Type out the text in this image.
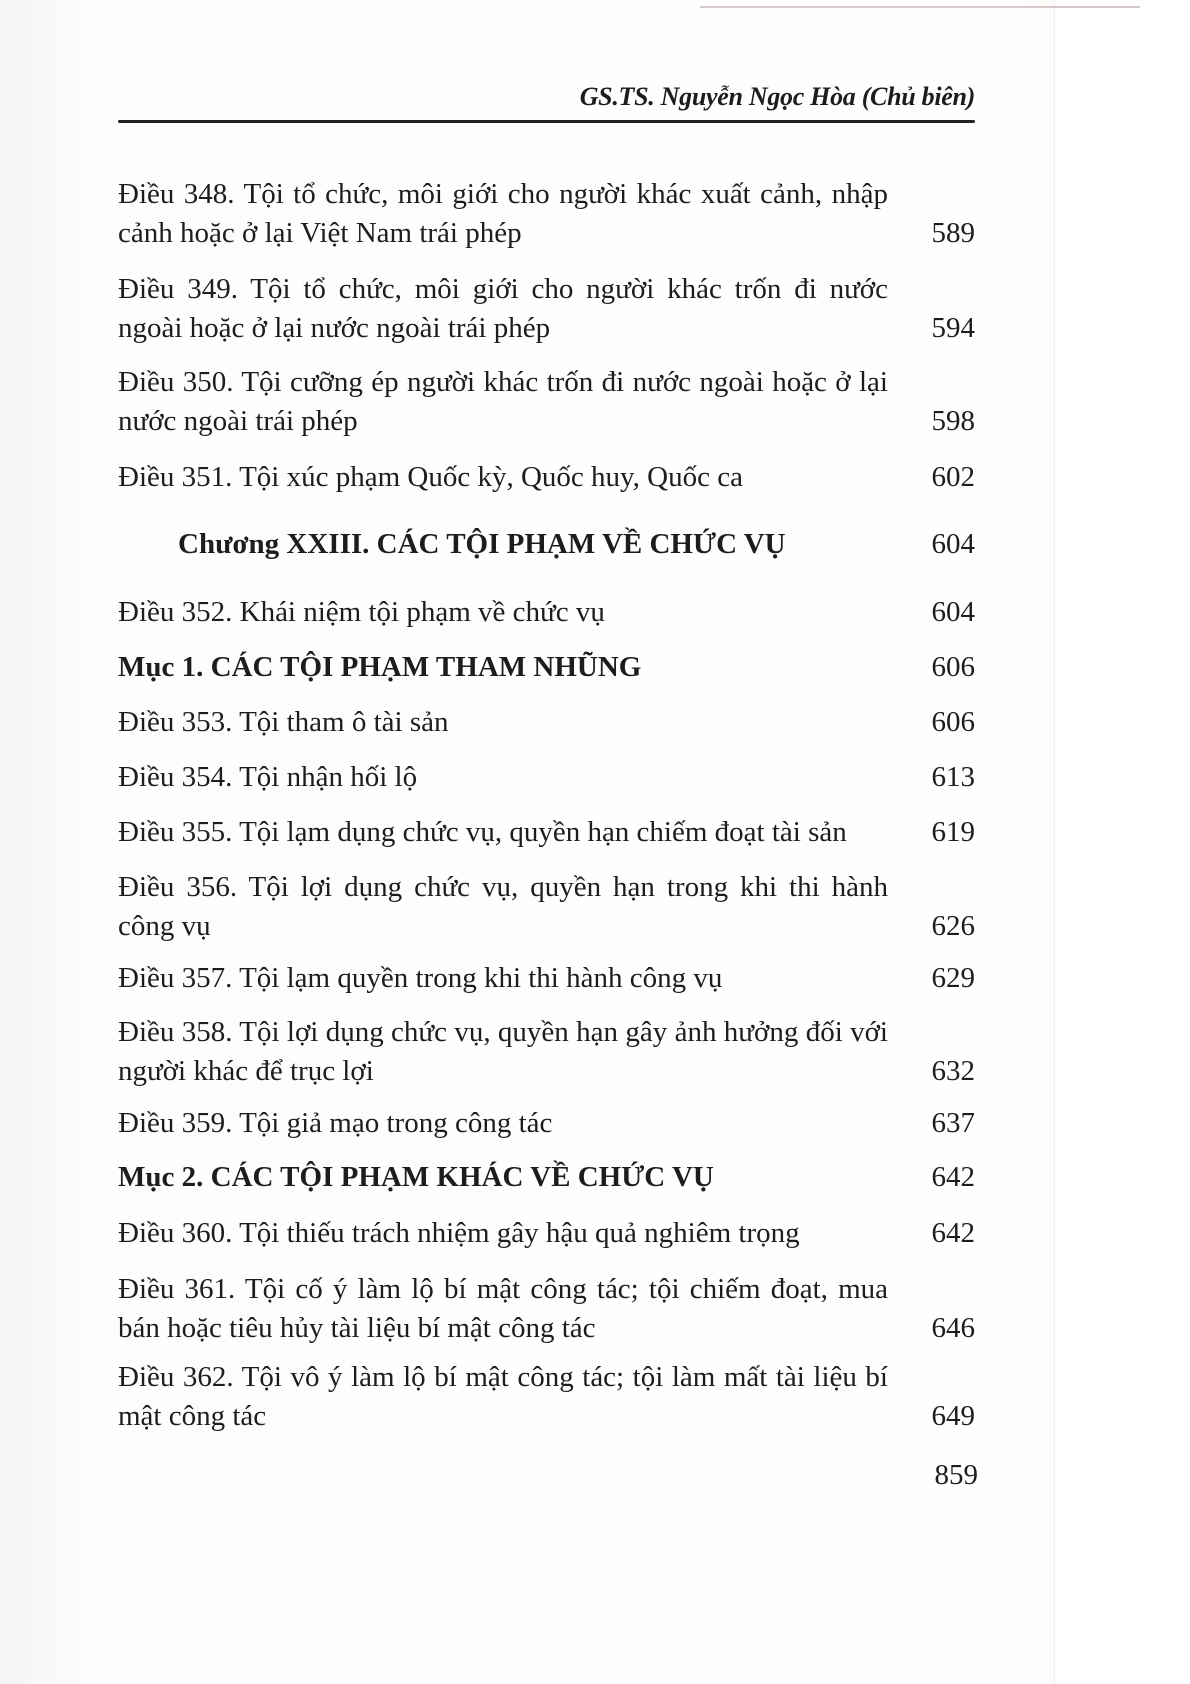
GS.TS. Nguyễn Ngọc Hòa (Chủ biên)
Điều 348. Tội tổ chức, môi giới cho người khác xuất cảnh, nhập cảnh hoặc ở lại Việt Nam trái phép	589
Điều 349. Tội tổ chức, môi giới cho người khác trốn đi nước ngoài hoặc ở lại nước ngoài trái phép	594
Điều 350. Tội cưỡng ép người khác trốn đi nước ngoài hoặc ở lại nước ngoài trái phép	598
Điều 351. Tội xúc phạm Quốc kỳ, Quốc huy, Quốc ca	602
Chương XXIII. CÁC TỘI PHẠM VỀ CHỨC VỤ	604
Điều 352. Khái niệm tội phạm về chức vụ	604
Mục 1. CÁC TỘI PHẠM THAM NHŨNG	606
Điều 353. Tội tham ô tài sản	606
Điều 354. Tội nhận hối lộ	613
Điều 355. Tội lạm dụng chức vụ, quyền hạn chiếm đoạt tài sản	619
Điều 356. Tội lợi dụng chức vụ, quyền hạn trong khi thi hành công vụ	626
Điều 357. Tội lạm quyền trong khi thi hành công vụ	629
Điều 358. Tội lợi dụng chức vụ, quyền hạn gây ảnh hưởng đối với người khác để trục lợi	632
Điều 359. Tội giả mạo trong công tác	637
Mục 2. CÁC TỘI PHẠM KHÁC VỀ CHỨC VỤ	642
Điều 360. Tội thiếu trách nhiệm gây hậu quả nghiêm trọng	642
Điều 361. Tội cố ý làm lộ bí mật công tác; tội chiếm đoạt, mua bán hoặc tiêu hủy tài liệu bí mật công tác	646
Điều 362. Tội vô ý làm lộ bí mật công tác; tội làm mất tài liệu bí mật công tác	649
859
